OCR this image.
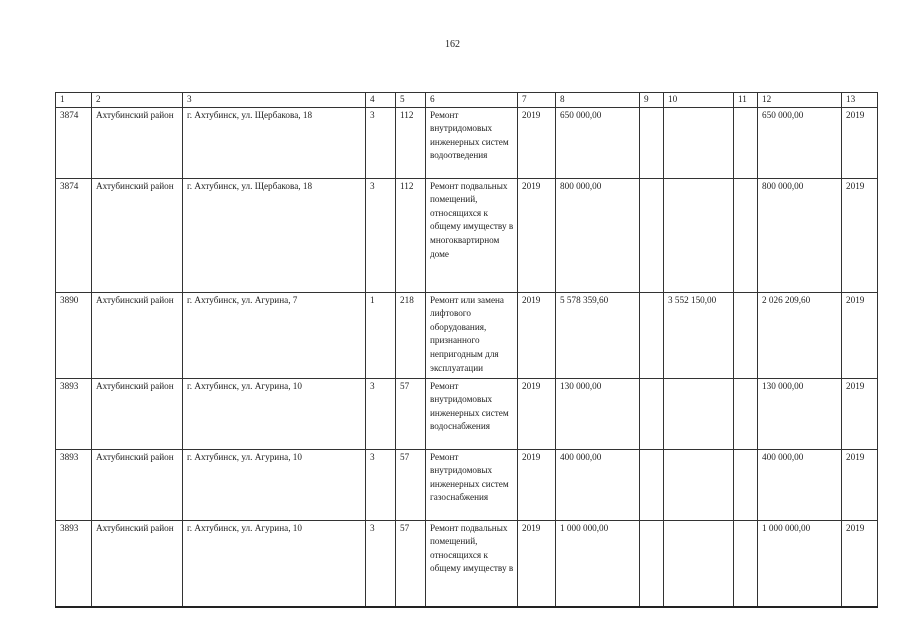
162
1	2	3	4	5	6	7	8	9	10	11	12	13
3874	Ахтубинский район	г. Ахтубинск, ул. Щербакова, 18	3	112	Ремонт внутридомовых инженерных систем водоотведения	2019	650 000,00				650 000,00	2019
3874	Ахтубинский район	г. Ахтубинск, ул. Щербакова, 18	3	112	Ремонт подвальных помещений, относящихся к общему имуществу в многоквартирном доме	2019	800 000,00				800 000,00	2019
3890	Ахтубинский район	г. Ахтубинск, ул. Агурина, 7	1	218	Ремонт или замена лифтового оборудования, признанного непригодным для эксплуатации	2019	5 578 359,60		3 552 150,00		2 026 209,60	2019
3893	Ахтубинский район	г. Ахтубинск, ул. Агурина, 10	3	57	Ремонт внутридомовых инженерных систем водоснабжения	2019	130 000,00				130 000,00	2019
3893	Ахтубинский район	г. Ахтубинск, ул. Агурина, 10	3	57	Ремонт внутридомовых инженерных систем газоснабжения	2019	400 000,00				400 000,00	2019
3893	Ахтубинский район	г. Ахтубинск, ул. Агурина, 10	3	57	Ремонт подвальных помещений, относящихся к общему имуществу в	2019	1 000 000,00				1 000 000,00	2019
